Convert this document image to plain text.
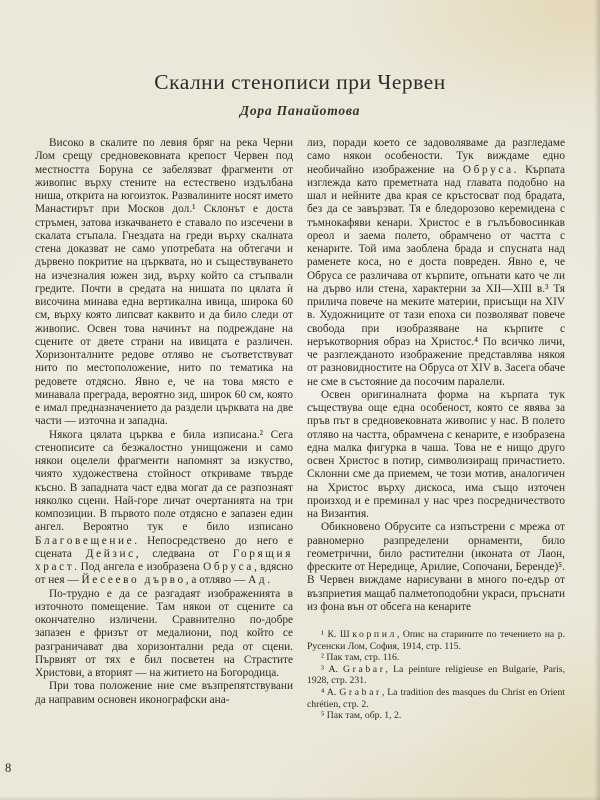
Скални стенописи при Червен
Дора Панайотова

Високо в скалите по левия бряг на река Черни Лом срещу средновековната крепост Червен под местността Боруна се забелязват фрагменти от живопис върху стените на естествено издълбана ниша, открита на югоизток. Развалините носят името Манастирът при Москов дол.¹ Склонът е доста стръмен, затова изкачването е ставало по изсечени в скалата стъпала. Гнездата на греди върху скалната стена доказват не само употребата на обтегачи и дървено покритие на църквата, но и съществуването на изчезналия южен зид, върху който са стъпвали гредите. Почти в средата на нишата по цялата ѝ височина минава една вертикална ивица, широка 60 см, върху която липсват каквито и да било следи от живопис. Освен това начинът на подреждане на сцените от двете страни на ивицата е различен. Хоризонталните редове отляво не съответствуват нито по местоположение, нито по тематика на редовете отдясно. Явно е, че на това място е минавала преграда, вероятно зид, широк 60 см, която е имал предназначението да раздели църквата на две части — източна и западна.

Някога цялата църква е била изписана.² Сега стенописите са безжалостно унищожени и само някои оцелели фрагменти напомнят за изкуство, чиято художествена стойност откриваме твърде късно. В западната част едва могат да се разпознаят няколко сцени. Най-горе личат очертанията на три композиции. В първото поле отдясно е запазен един ангел. Вероятно тук е било изписано Благовещение. Непосредствено до него е сцената Дейзис, следвана от Горящия храст. Под ангела е изобразена Обруса, вдясно от нея — Йесеево дърво, а отляво — Ад.

По-трудно е да се разгадаят изображенията в източното помещение. Там някои от сцените са окончателно изличени. Сравнително по-добре запазен е фризът от медалиони, под който се разграничават два хоризонтални реда от сцени. Първият от тях е бил посветен на Страстите Христови, а вторият — на житието на Богородица.

При това положение ние сме възпрепятствувани да направим основен иконографски ана-

лиз, поради което се задоволяваме да разгледаме само някои особености. Тук виждаме едно необичайно изображение на Обруса. Кърпата изглежда като преметната над главата подобно на шал и нейните два края се кръстосват под брадата, без да се завързват. Тя е бледорозово керемидена с тъмнокафяви кенари. Христос е в гълъбовосинкав ореол и заема полето, обрамчено от частта с кенарите. Той има заоблена брада и спусната над раменете коса, но е доста повреден. Явно е, че Обруса се различава от кърпите, опънати като че ли на дърво или стена, характерни за XII—XIII в.³ Тя прилича повече на меките материи, присъщи на XIV в. Художниците от тази епоха си позволяват повече свобода при изобразяване на кърпите с неръкотворния образ на Христос.⁴ По всичко личи, че разглежданото изображение представлява някоя от разновидностите на Обруса от XIV в. Засега обаче не сме в състояние да посочим паралели.

Освен оригиналната форма на кърпата тук съществува още една особеност, която се явява за пръв път в средновековната живопис у нас. В полето отляво на частта, обрамчена с кенарите, е изобразена една малка фигурка в чаша. Това не е нищо друго освен Христос в потир, символизиращ причастието. Склонни сме да приемем, че този мотив, аналогичен на Христос върху дискоса, има също източен произход и е преминал у нас чрез посредничеството на Византия.

Обикновено Обрусите са изпъстрени с мрежа от равномерно разпределени орнаменти, било геометрични, било растителни (иконата от Лаон, фреските от Нередице, Арилие, Сопочани, Беренде)⁵. В Червен виждаме нарисувани в много по-едър от възприетия мащаб палметоподобни украси, пръснати из фона вън от обсега на кенарите

¹ К. Шкорпил, Опис на старините по течението на р. Русенски Лом, София, 1914, стр. 115.

² Пак там, стр. 116.

³ A. Grabar, La peinture religieuse en Bulgarie, Paris, 1928, стр. 231.

⁴ A. Grabar, La tradition des masques du Christ en Orient chrétien, стр. 2.

⁵ Пак там, обр. 1, 2.

8
